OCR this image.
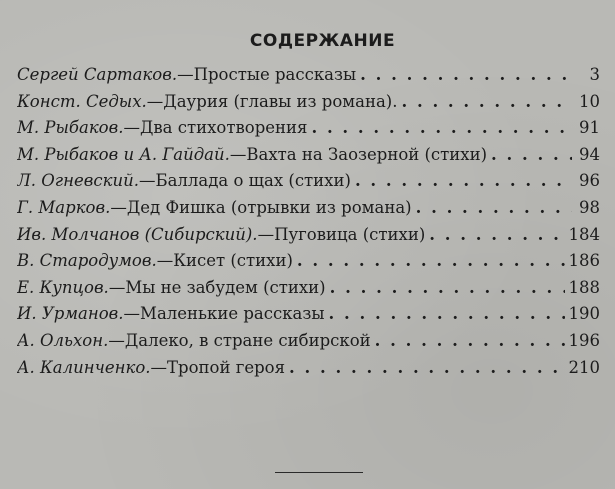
СОДЕРЖАНИЕ
Сергей Сартаков. — Простые рассказы . . .	3
Конст. Седых. — Даурия (главы из романа). . . .	10
М. Рыбаков. — Два стихотворения . . .	91
М. Рыбаков и А. Гайдай. — Вахта на Заозерной (стихи) . . .	94
Л. Огневский. — Баллада о щах (стихи) . . .	96
Г. Марков. — Дед Фишка (отрывки из романа) . . .	98
Ив. Молчанов (Сибирский). — Пуговица (стихи) . . .	184
В. Стародумов. — Кисет (стихи) . . .	186
Е. Купцов. — Мы не забудем (стихи) . . .	188
И. Урманов. — Маленькие рассказы . . .	190
А. Ольхон. — Далеко, в стране сибирской . . .	196
А. Калинченко. — Тропой героя . . .	210
